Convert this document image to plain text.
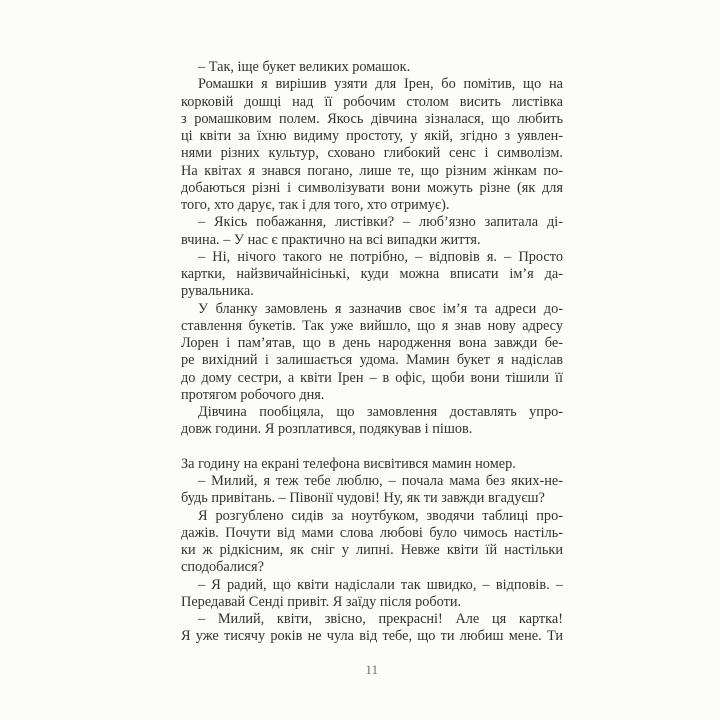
– Так, іще букет великих ромашок.
Ромашки я вирішив узяти для Ірен, бо помітив, що на
корковій дошці над її робочим столом висить листівка
з ромашковим полем. Якось дівчина зізналася, що любить
ці квіти за їхню видиму простоту, у якій, згідно з уявлен-
нями різних культур, сховано глибокий сенс і символізм.
На квітах я знався погано, лише те, що різним жінкам по-
добаються різні і символізувати вони можуть різне (як для
того, хто дарує, так і для того, хто отримує).
– Якісь побажання, листівки? – люб’язно запитала ді-
вчина. – У нас є практично на всі випадки життя.
– Ні, нічого такого не потрібно, – відповів я. – Просто
картки, найзвичайнісінькі, куди можна вписати ім’я да-
рувальника.
У бланку замовлень я зазначив своє ім’я та адреси до-
ставлення букетів. Так уже вийшло, що я знав нову адресу
Лорен і пам’ятав, що в день народження вона завжди бе-
ре вихідний і залишається удома. Мамин букет я надіслав
до дому сестри, а квіти Ірен – в офіс, щоби вони тішили її
протягом робочого дня.
Дівчина пообіцяла, що замовлення доставлять упро-
довж години. Я розплатився, подякував і пішов.
За годину на екрані телефона висвітився мамин номер.
– Милий, я теж тебе люблю, – почала мама без яких-не-
будь привітань. – Півонії чудові! Ну, як ти завжди вгадуєш?
Я розгублено сидів за ноутбуком, зводячи таблиці про-
дажів. Почути від мами слова любові було чимось настіль-
ки ж рідкісним, як сніг у липні. Невже квіти їй настільки
сподобалися?
– Я радий, що квіти надіслали так швидко, – відповів. –
Передавай Сенді привіт. Я заїду після роботи.
– Милий, квіти, звісно, прекрасні! Але ця картка!
Я уже тисячу років не чула від тебе, що ти любиш мене. Ти
11
